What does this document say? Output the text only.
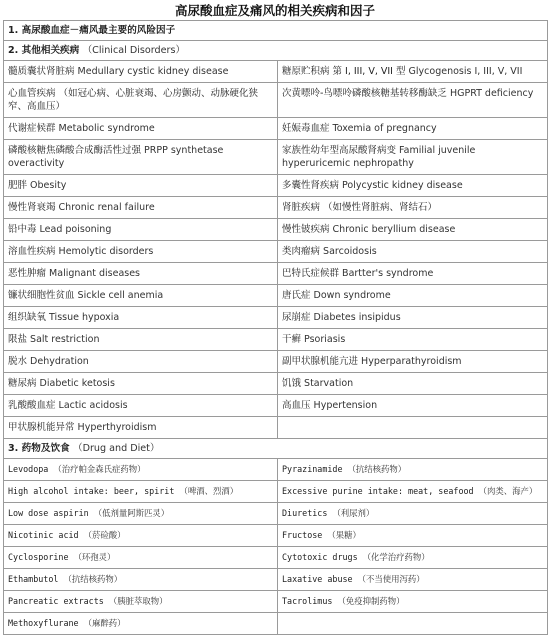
高尿酸血症及痛风的相关疾病和因子
1. 高尿酸血症－痛风最主要的风险因子	
2. 其他相关疾病 （Clinical Disorders）	
髓质囊状肾脏病 Medullary cystic kidney disease	糖原贮积病 第 I, III, V, VII 型 Glycogenosis I, III, V, VII
心血管疾病 （如冠心病、心脏衰竭、心房颤动、动脉硬化狭窄、高血压）	次黄嘌呤-鸟嘌呤磷酸核糖基转移酶缺乏 HGPRT deficiency
代谢症候群 Metabolic syndrome	妊娠毒血症 Toxemia of pregnancy
磷酸核糖焦磷酸合成酶活性过强 PRPP synthetase overactivity	家族性幼年型高尿酸肾病变 Familial juvenile hyperuricemic nephropathy
肥胖 Obesity	多囊性肾疾病 Polycystic kidney disease
慢性肾衰竭 Chronic renal failure	肾脏疾病 （如慢性肾脏病、肾结石）
铅中毒 Lead poisoning	慢性铍疾病 Chronic beryllium disease
溶血性疾病 Hemolytic disorders	类肉瘤病 Sarcoidosis
恶性肿瘤 Malignant diseases	巴特氏症候群 Bartter's syndrome
镰状细胞性贫血 Sickle cell anemia	唐氏症 Down syndrome
组织缺氧 Tissue hypoxia	尿崩症 Diabetes insipidus
限盐 Salt restriction	干癣 Psoriasis
脱水 Dehydration	副甲状腺机能亢进 Hyperparathyroidism
糖尿病 Diabetic ketosis	饥饿 Starvation
乳酸酸血症 Lactic acidosis	高血压 Hypertension
甲状腺机能异常 Hyperthyroidism	
3. 药物及饮食 （Drug and Diet）	
Levodopa （治疗帕金森氏症药物）	Pyrazinamide （抗结核药物）
High alcohol intake: beer, spirit （啤酒、烈酒）	Excessive purine intake: meat, seafood （肉类、海产）
Low dose aspirin （低剂量阿斯匹灵）	Diuretics （利尿剂）
Nicotinic acid （菸硷酸）	Fructose （果糖）
Cyclosporine （环孢灵）	Cytotoxic drugs （化学治疗药物）
Ethambutol （抗结核药物）	Laxative abuse （不当使用泻药）
Pancreatic extracts （胰脏萃取物）	Tacrolimus （免疫抑制药物）
Methoxyflurane （麻醉药）	
